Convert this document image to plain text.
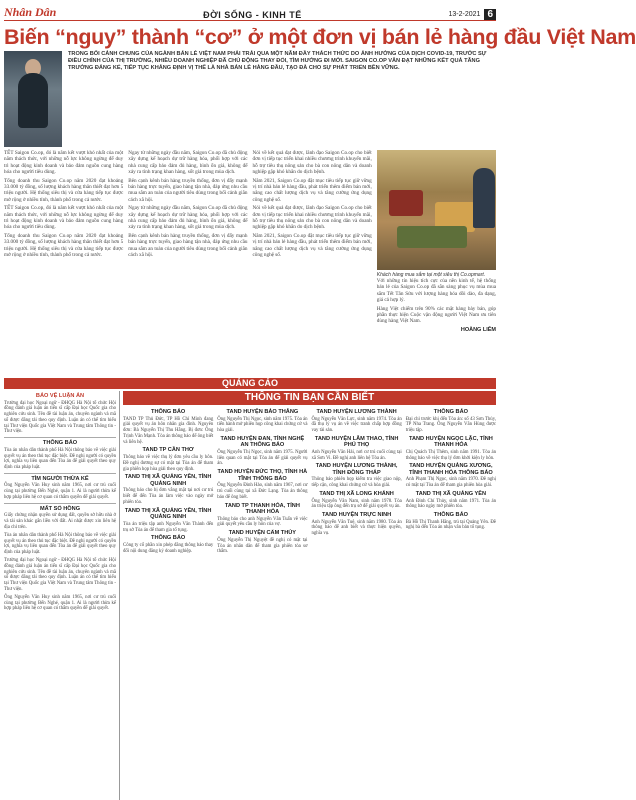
Nhân Dân	ĐỜI SỐNG - KINH TẾ	13-2-2021 6
Biến “nguy” thành “cơ” ở một đơn vị bán lẻ hàng đầu Việt Nam
TRONG BỐI CẢNH CHUNG CỦA NGÀNH BÁN LẺ VIỆT NAM PHẢI TRẢI QUA MỘT NĂM ĐẦY THÁCH THỨC DO ẢNH HƯỞNG CỦA DỊCH COVID-19, TRƯỚC SỰ ĐIỀU CHỈNH CỦA THỊ TRƯỜNG, NHIỀU DOANH NGHIỆP ĐÃ CHỦ ĐỘNG THAY ĐỔI, TÌM HƯỚNG ĐI MỚI. SAIGON CO.OP VẪN ĐẠT NHỮNG KẾT QUẢ TĂNG TRƯỞNG ĐÁNG KỂ, TIẾP TỤC KHẲNG ĐỊNH VỊ THẾ LÀ NHÀ BÁN LẺ HÀNG ĐẦU, TẠO ĐÀ CHO SỰ PHÁT TRIỂN BỀN VỮNG.

TẾT Saigon Co.op, đó là năm kết vượt khó nhất của một năm thách thức, với những nỗ lực không ngừng để duy trì hoạt động kinh doanh và bảo đảm nguồn cung hàng hóa cho người tiêu dùng.

Tổng doanh thu Saigon Co.op năm 2020 đạt khoảng 33.000 tỷ đồng, số lượng khách hàng thân thiết đạt hơn 5 triệu người. Hệ thống siêu thị và cửa hàng tiếp tục được mở rộng ở nhiều tỉnh, thành phố trong cả nước.

TẾT Saigon Co.op, đó là năm kết vượt khó nhất của một năm thách thức, với những nỗ lực không ngừng để duy trì hoạt động kinh doanh và bảo đảm nguồn cung hàng hóa cho người tiêu dùng.

Tổng doanh thu Saigon Co.op năm 2020 đạt khoảng 33.000 tỷ đồng, số lượng khách hàng thân thiết đạt hơn 5 triệu người. Hệ thống siêu thị và cửa hàng tiếp tục được mở rộng ở nhiều tỉnh, thành phố trong cả nước.

Ngay từ những ngày đầu năm, Saigon Co.op đã chủ động xây dựng kế hoạch dự trữ hàng hóa, phối hợp với các nhà cung cấp bảo đảm đủ hàng, bình ổn giá, không để xảy ra tình trạng khan hàng, sốt giá trong mùa dịch.

Bên cạnh kênh bán hàng truyền thống, đơn vị đẩy mạnh bán hàng trực tuyến, giao hàng tận nhà, đáp ứng nhu cầu mua sắm an toàn của người tiêu dùng trong bối cảnh giãn cách xã hội.

Ngay từ những ngày đầu năm, Saigon Co.op đã chủ động xây dựng kế hoạch dự trữ hàng hóa, phối hợp với các nhà cung cấp bảo đảm đủ hàng, bình ổn giá, không để xảy ra tình trạng khan hàng, sốt giá trong mùa dịch.

Bên cạnh kênh bán hàng truyền thống, đơn vị đẩy mạnh bán hàng trực tuyến, giao hàng tận nhà, đáp ứng nhu cầu mua sắm an toàn của người tiêu dùng trong bối cảnh giãn cách xã hội.

Nói về kết quả đạt được, lãnh đạo Saigon Co.op cho biết đơn vị tiếp tục triển khai nhiều chương trình khuyến mãi, hỗ trợ tiêu thụ nông sản cho bà con nông dân và doanh nghiệp gặp khó khăn do dịch bệnh.

Năm 2021, Saigon Co.op đặt mục tiêu tiếp tục giữ vững vị trí nhà bán lẻ hàng đầu, phát triển thêm điểm bán mới, nâng cao chất lượng dịch vụ và tăng cường ứng dụng công nghệ số.

Nói về kết quả đạt được, lãnh đạo Saigon Co.op cho biết đơn vị tiếp tục triển khai nhiều chương trình khuyến mãi, hỗ trợ tiêu thụ nông sản cho bà con nông dân và doanh nghiệp gặp khó khăn do dịch bệnh.

Năm 2021, Saigon Co.op đặt mục tiêu tiếp tục giữ vững vị trí nhà bán lẻ hàng đầu, phát triển thêm điểm bán mới, nâng cao chất lượng dịch vụ và tăng cường ứng dụng công nghệ số.

Khách hàng mua sắm tại một siêu thị Co.opmart.

Với những tín hiệu tích cực của nền kinh tế, hệ thống bán lẻ của Saigon Co.op đã sẵn sàng phục vụ mùa mua sắm Tết Tân Sửu với lượng hàng hóa dồi dào, đa dạng, giá cả hợp lý.

Hàng Việt chiếm trên 90% các mặt hàng bày bán, góp phần thực hiện Cuộc vận động người Việt Nam ưu tiên dùng hàng Việt Nam.

HOÀNG LIÊM
QUẢNG CÁO
BÁO VỆ LUẬN ÁN

Trường đại học Ngoại ngữ - ĐHQG Hà Nội tổ chức Hội đồng đánh giá luận án tiến sĩ cấp Đại học Quốc gia cho nghiên cứu sinh. Tên đề tài luận án, chuyên ngành và mã số được đăng tải theo quy định. Luận án có thể tìm hiểu tại Thư viện Quốc gia Việt Nam và Trung tâm Thông tin - Thư viện.

THÔNG BÁO

Tòa án nhân dân thành phố Hà Nội thông báo về việc giải quyết vụ án theo thủ tục đặc biệt. Đề nghị người có quyền lợi, nghĩa vụ liên quan đến Tòa án để giải quyết theo quy định của pháp luật.

TÌM NGƯỜI THỪA KẾ

Ông Nguyễn Văn Huy sinh năm 1965, nơi cư trú cuối cùng tại phường Bến Nghé, quận 1. Ai là người thừa kế hợp pháp liên hệ cơ quan có thẩm quyền để giải quyết.

MẤT SỔ HỒNG

Giấy chứng nhận quyền sử dụng đất, quyền sở hữu nhà ở và tài sản khác gắn liền với đất. Ai nhặt được xin liên hệ địa chỉ trên.

Tòa án nhân dân thành phố Hà Nội thông báo về việc giải quyết vụ án theo thủ tục đặc biệt. Đề nghị người có quyền lợi, nghĩa vụ liên quan đến Tòa án để giải quyết theo quy định của pháp luật.

Trường đại học Ngoại ngữ - ĐHQG Hà Nội tổ chức Hội đồng đánh giá luận án tiến sĩ cấp Đại học Quốc gia cho nghiên cứu sinh. Tên đề tài luận án, chuyên ngành và mã số được đăng tải theo quy định. Luận án có thể tìm hiểu tại Thư viện Quốc gia Việt Nam và Trung tâm Thông tin - Thư viện.

Ông Nguyễn Văn Huy sinh năm 1965, nơi cư trú cuối cùng tại phường Bến Nghé, quận 1. Ai là người thừa kế hợp pháp liên hệ cơ quan có thẩm quyền để giải quyết.

THÔNG TIN BẠN CẦN BIẾT
THÔNG BÁO

TAND TP Thủ Đức, TP Hồ Chí Minh đang giải quyết vụ án hôn nhân gia đình. Nguyên đơn: Bà Nguyễn Thị Thu Hằng. Bị đơn: Ông Trịnh Văn Mạnh. Tòa án thông báo để ông biết và liên hệ.

TAND TP CẦN THƠ

Thông báo về việc thụ lý đơn yêu cầu ly hôn. Đề nghị đương sự có mặt tại Tòa án để tham gia phiên họp hòa giải theo quy định.

TAND THỊ XÃ QUẢNG YÊN, TỈNH QUẢNG NINH

Thông báo cho bị đơn vắng mặt tại nơi cư trú biết để đến Tòa án làm việc vào ngày mở phiên tòa.

TAND THỊ XÃ QUẢNG YÊN, TỈNH QUẢNG NINH

Tòa án triệu tập anh Nguyễn Văn Thành đến trụ sở Tòa án để tham gia tố tụng.

THÔNG BÁO

Công ty cổ phần xin phép đăng thông báo thay đổi nội dung đăng ký doanh nghiệp.

TAND HUYỆN BẢO THẮNG

Ông Nguyễn Thị Ngọc, sinh năm 1975. Tòa án tiến hành mở phiên họp công khai chứng cứ và hòa giải.

TAND HUYỆN ĐAN, TỈNH NGHỆ AN THÔNG BÁO

Ông Nguyễn Thị Ngọc, sinh năm 1975. Người liên quan có mặt tại Tòa án để giải quyết vụ án.

TAND HUYỆN ĐỨC THỌ, TỈNH HÀ TĨNH THÔNG BÁO

Ông Nguyễn Đình Hảo, sinh năm 1967, nơi cư trú cuối cùng tại xã Đức Lạng. Tòa án thông báo để ông biết.

TAND TP THANH HÓA, TỈNH THANH HÓA

Thông báo cho anh Nguyễn Văn Tuấn về việc giải quyết yêu cầu ly hôn của vợ.

TAND HUYỆN CẨM THỦY

Ông Nguyễn Thị Nguyệt đề nghị có mặt tại Tòa án nhân dân để tham gia phiên tòa sơ thẩm.

TAND HUYỆN LƯƠNG THÀNH

Ông Nguyễn Văn Lực, sinh năm 1974. Tòa án đã thụ lý vụ án về việc tranh chấp hợp đồng vay tài sản.

TAND HUYỆN LÂM THAO, TỈNH PHÚ THỌ

Anh Nguyễn Văn Hải, nơi cư trú cuối cùng tại xã Sơn Vi. Đề nghị anh liên hệ Tòa án.

TAND HUYỆN LƯƠNG THÀNH, TỈNH ĐỒNG THÁP

Thông báo phiên họp kiểm tra việc giao nộp, tiếp cận, công khai chứng cứ và hòa giải.

TAND THỊ XÃ LONG KHÁNH

Ông Nguyễn Văn Nam, sinh năm 1978. Tòa án triệu tập ông đến trụ sở để giải quyết vụ án.

TAND HUYỆN TRỰC NINH

Anh Nguyễn Văn Tuệ, sinh năm 1980. Tòa án thông báo để anh biết và thực hiện quyền, nghĩa vụ.

THÔNG BÁO

Đại chỉ trước khi đến Tòa án: số 43 Sơn Thủy, TP Nha Trang. Ông Nguyễn Văn Hùng được triệu tập.

TAND HUYỆN NGỌC LẶC, TỈNH THANH HÓA

Chị Quách Thị Thêm, sinh năm 1991. Tòa án thông báo về việc thụ lý đơn khởi kiện ly hôn.

TAND HUYỆN QUẢNG XƯƠNG, TỈNH THANH HÓA THÔNG BÁO

Anh Phạm Thị Ngọc, sinh năm 1970. Đề nghị có mặt tại Tòa án để tham gia phiên hòa giải.

TAND THỊ XÃ QUẢNG YÊN

Anh Đinh Chí Thủy, sinh năm 1971. Tòa án thông báo ngày mở phiên tòa.

THÔNG BÁO

Bà Hồ Thị Thanh Hằng, trú tại Quảng Yên. Đề nghị bà đến Tòa án nhận văn bản tố tụng.
